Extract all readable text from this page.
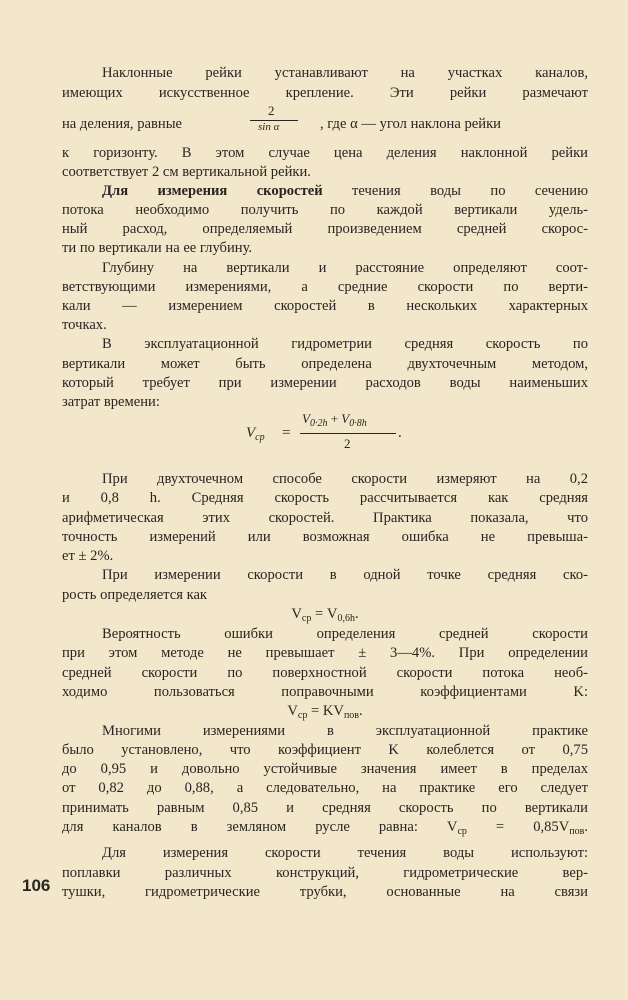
Наклонные рейки устанавливают на участках каналов,

имеющих искусственное крепление. Эти рейки размечают

на деления, равные

2
sin α	, где α — угол наклона рейки

к горизонту. В этом случае цена деления наклонной рейки

соответствует 2 см вертикальной рейки.

Для измерения скоростей течения воды по сечению

потока необходимо получить по каждой вертикали удель-

ный расход, определяемый произведением средней скорос-

ти по вертикали на ее глубину.

Глубину на вертикали и расстояние определяют соот-

ветствующими измерениями, а средние скорости по верти-

кали — измерением скоростей в нескольких характерных

точках.

В эксплуатационной гидрометрии средняя скорость по

вертикали может быть определена двухточечным методом,

который требует при измерении расходов воды наименьших

затрат времени:

$V_{ср}$ =
$V_{0\cdot 2h} + V_{0\cdot 8h}$
2
.

При двухточечном способе скорости измеряют на 0,2

и 0,8 h. Средняя скорость рассчитывается как средняя

арифметическая этих скоростей. Практика показала, что

точность измерений или возможная ошибка не превыша-

ет ± 2%.

При измерении скорости в одной точке средняя ско-

рость определяется как

$V_{ср} = V_{0,6h}$.

Вероятность ошибки определения средней скорости

при этом методе не превышает ± 3—4%. При определении

средней скорости по поверхностной скорости потока необ-

ходимо пользоваться поправочными коэффициентами K:

$V_{ср} = KV_{пов}$.

Многими измерениями в эксплуатационной практике

было установлено, что коэффициент K колеблется от 0,75

до 0,95 и довольно устойчивые значения имеет в пределах

от 0,82 до 0,88, а следовательно, на практике его следует

принимать равным 0,85 и средняя скорость по вертикали

для каналов в земляном русле равна: $V_{ср} = 0,85V_{пов}$.

Для измерения скорости течения воды используют:

поплавки различных конструкций, гидрометрические вер-

тушки, гидрометрические трубки, основанные на связи

106
